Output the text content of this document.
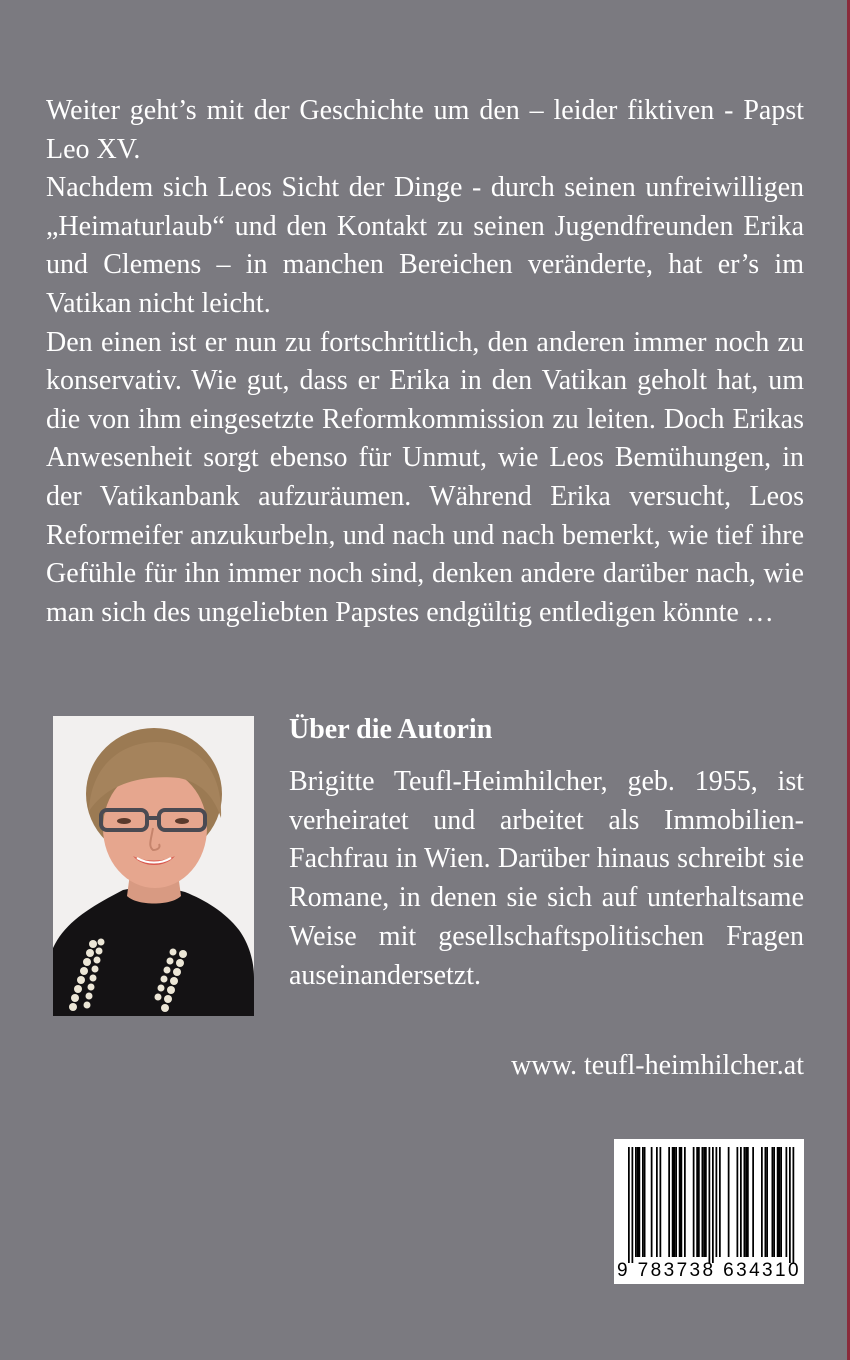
Weiter geht’s mit der Geschichte um den – leider fiktiven - Papst Leo XV.

Nachdem sich Leos Sicht der Dinge - durch seinen unfreiwilligen „Heimaturlaub“ und den Kontakt zu seinen Jugendfreunden Erika und Clemens – in manchen Bereichen veränderte, hat er’s im Vatikan nicht leicht.

Den einen ist er nun zu fortschrittlich, den anderen immer noch zu konservativ. Wie gut, dass er Erika in den Vatikan geholt hat, um die von ihm eingesetzte Reformkommission zu leiten. Doch Erikas Anwesenheit sorgt ebenso für Unmut, wie Leos Bemühungen, in der Vatikanbank aufzuräumen. Während Erika versucht, Leos Reformeifer anzukurbeln, und nach und nach bemerkt, wie tief ihre Gefühle für ihn immer noch sind, denken andere darüber nach, wie man sich des ungeliebten Papstes endgültig entledigen könnte …

Über die Autorin

Brigitte Teufl-Heimhilcher, geb. 1955, ist verheiratet und arbeitet als Immobilien-Fachfrau in Wien. Darüber hinaus schreibt sie Romane, in denen sie sich auf unterhaltsame Weise mit gesellschaftspolitischen Fragen auseinandersetzt.

www. teufl-heimhilcher.at
9 783738 634310
